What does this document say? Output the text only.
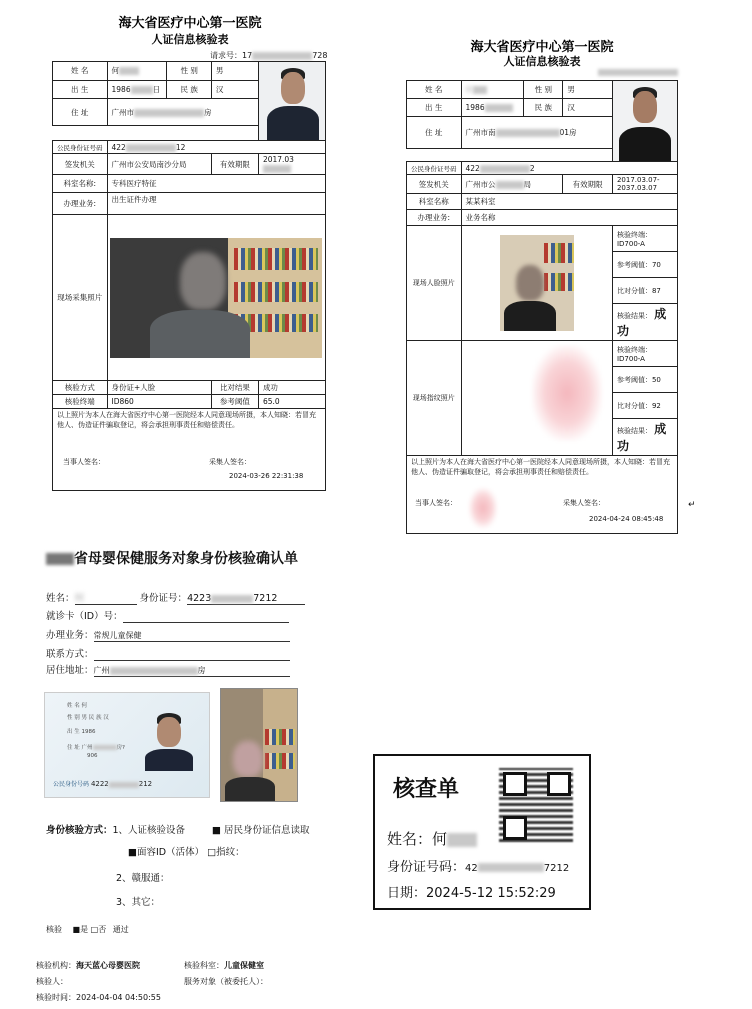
海大省医疗中心第一医院
人证信息核验表
请求号：17	728
姓 名	何	性 别	男	

出 生	1986 日	民 族	汉	
住 址	广州市 房			

公民身份证号码	422 12			
签发机关	广州市公安局南沙分局		有效期限	2017.03
科室名称:	专科医疗特征			
办理业务:	出生证件办理			
现场采集照片				

核验方式	身份证+人脸		比对结果	成功
核验终端	ID860		参考阈值	65.0

以上照片为本人在海大省医疗中心第一医院经本人同意现场所摄，本人知晓：若冒充他人、伪造证件骗取登记，将会承担刑事责任和赔偿责任。
当事人签名： 采集人签名：
2024-03-26 22:31:38				
海大省医疗中心第一医院
人证信息核验表
姓 名	何	性 别	男	

出 生	1986	民 族	汉	
住 址	广州市南 01房			

公民身份证号码	422 2			
签发机关	广州市公 局		有效期限	2017.03.07-2037.03.07
科室名称	某某科室			
办理业务:	业务名称			
现场人脸照片				核验终端：ID700-A
				参考阈值：70
				比对分值：87
				核验结果： 成功
现场指纹照片				核验终端：ID700-A
				参考阈值：50
				比对分值：92
				核验结果： 成功

以上照片为本人在海大省医疗中心第一医院经本人同意现场所摄，本人知晓：若冒充他人、伪造证件骗取登记，将会承担刑事责任和赔偿责任。
当事人签名： 采集人签名：
2024-04-24 08:45:48				
↵
省母婴保健服务对象身份核验确认单
姓名：何	身份证号：4223	7212
就诊卡（ID）号：
办理业务：常规儿童保健
联系方式：
居住地址：广州	房
姓 名 何
性 别 男 民 族 汉
出 生 1986
住 址 广州	房?
906
公民身份号码 4222	212
身份核验方式：1、人证核验设备	■ 居民身份证信息读取
■面容ID（活体） □指纹：
2、赣服通：
3、其它：
核验 ■是 □否 通过
核验机构：海天蓝心母婴医院	核验科室：儿童保健室
核验人：	服务对象（被委托人）：
核验时间：2024-04-04 04:50:55
核查单
姓名：何
身份证号码：42	7212
日期：2024-5-12 15:52:29
